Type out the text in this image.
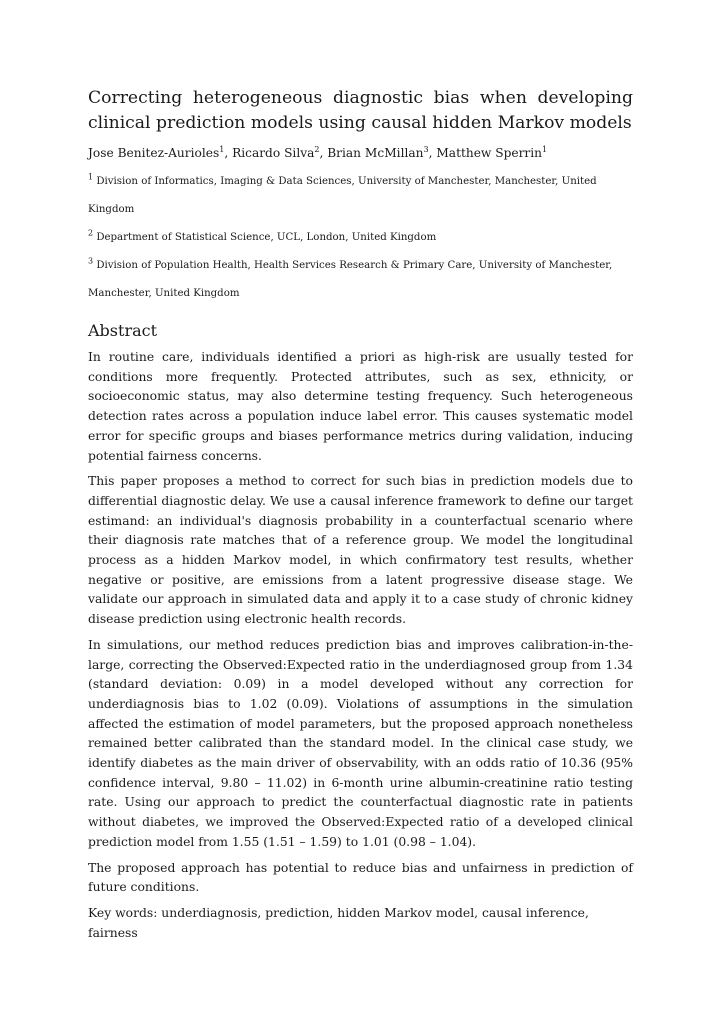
Correcting heterogeneous diagnostic bias when developing clinical prediction models using causal hidden Markov models
Jose Benitez-Aurioles$^1$, Ricardo Silva$^2$, Brian McMillan$^3$, Matthew Sperrin$^1$

$^1$ Division of Informatics, Imaging & Data Sciences, University of Manchester, Manchester, United Kingdom

$^2$ Department of Statistical Science, UCL, London, United Kingdom

$^3$ Division of Population Health, Health Services Research & Primary Care, University of Manchester,

Manchester, United Kingdom

Abstract

In routine care, individuals identified a priori as high-risk are usually tested for conditions more frequently. Protected attributes, such as sex, ethnicity, or socioeconomic status, may also determine testing frequency. Such heterogeneous detection rates across a population induce label error. This causes systematic model error for specific groups and biases performance metrics during validation, inducing potential fairness concerns.

This paper proposes a method to correct for such bias in prediction models due to differential diagnostic delay. We use a causal inference framework to define our target estimand: an individual's diagnosis probability in a counterfactual scenario where their diagnosis rate matches that of a reference group. We model the longitudinal process as a hidden Markov model, in which confirmatory test results, whether negative or positive, are emissions from a latent progressive disease stage. We validate our approach in simulated data and apply it to a case study of chronic kidney disease prediction using electronic health records.

In simulations, our method reduces prediction bias and improves calibration-in-the-large, correcting the Observed:Expected ratio in the underdiagnosed group from 1.34 (standard deviation: 0.09) in a model developed without any correction for underdiagnosis bias to 1.02 (0.09). Violations of assumptions in the simulation affected the estimation of model parameters, but the proposed approach nonetheless remained better calibrated than the standard model. In the clinical case study, we identify diabetes as the main driver of observability, with an odds ratio of 10.36 (95% confidence interval, 9.80 – 11.02) in 6-month urine albumin-creatinine ratio testing rate. Using our approach to predict the counterfactual diagnostic rate in patients without diabetes, we improved the Observed:Expected ratio of a developed clinical prediction model from 1.55 (1.51 – 1.59) to 1.01 (0.98 – 1.04).

The proposed approach has potential to reduce bias and unfairness in prediction of future conditions.

Key words: underdiagnosis, prediction, hidden Markov model, causal inference, fairness
